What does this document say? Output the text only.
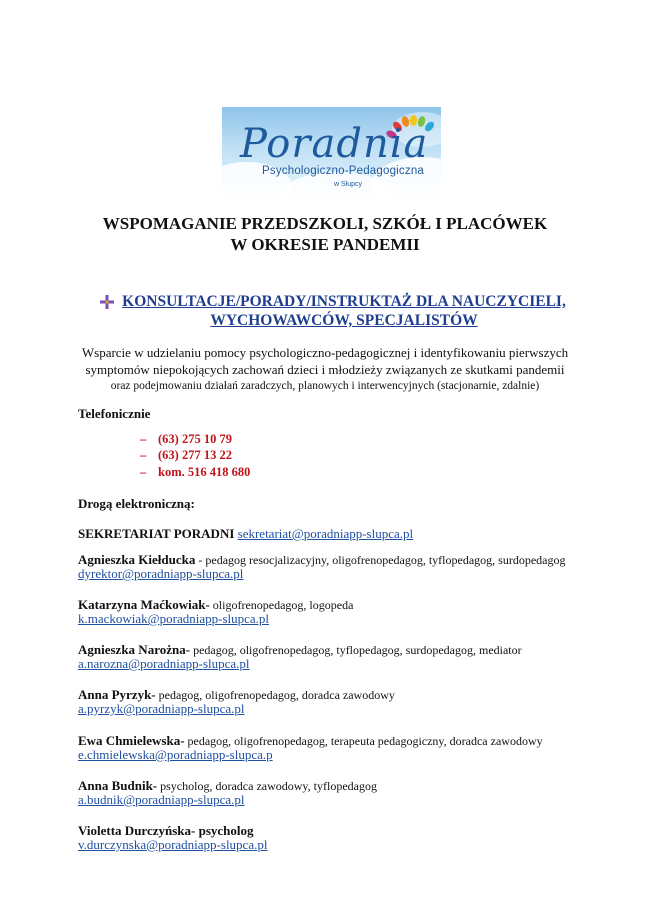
Poradnia
Psychologiczno-Pedagogiczna
w Słupcy
WSPOMAGANIE PRZEDSZKOLI, SZKÓŁ I PLACÓWEK
W OKRESIE PANDEMII
KONSULTACJE/PORADY/INSTRUKTAŻ DLA NAUCZYCIELI,
WYCHOWAWCÓW, SPECJALISTÓW
Wsparcie w udzielaniu pomocy psychologiczno-pedagogicznej i identyfikowaniu pierwszych
symptomów niepokojących zachowań dzieci i młodzieży związanych ze skutkami pandemii
oraz podejmowaniu działań zaradczych, planowych i interwencyjnych (stacjonarnie, zdalnie)
Telefonicznie
– (63) 275 10 79
– (63) 277 13 22
– kom. 516 418 680
Drogą elektroniczną:
SEKRETARIAT PORADNI sekretariat@poradniapp-slupca.pl
Agnieszka Kiełducka - pedagog resocjalizacyjny, oligofrenopedagog, tyflopedagog, surdopedagog
dyrektor@poradniapp-slupca.pl
Katarzyna Maćkowiak- oligofrenopedagog, logopeda
k.mackowiak@poradniapp-slupca.pl
Agnieszka Narożna- pedagog, oligofrenopedagog, tyflopedagog, surdopedagog, mediator
a.narozna@poradniapp-slupca.pl
Anna Pyrzyk- pedagog, oligofrenopedagog, doradca zawodowy
a.pyrzyk@poradniapp-slupca.pl
Ewa Chmielewska- pedagog, oligofrenopedagog, terapeuta pedagogiczny, doradca zawodowy
e.chmielewska@poradniapp-slupca.p
Anna Budnik- psycholog, doradca zawodowy, tyflopedagog
a.budnik@poradniapp-slupca.pl
Violetta Durczyńska- psycholog
v.durczynska@poradniapp-slupca.pl
